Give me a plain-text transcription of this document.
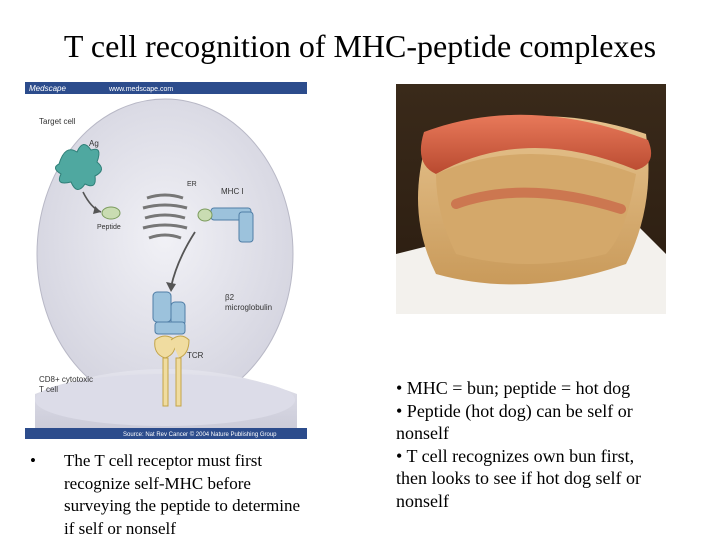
T cell recognition of MHC-peptide complexes
Medscape	www.medscape.com
Target cell
Ag
Peptide
ER
MHC I
β2
microglobulin
TCR
CD8+ cytotoxic
T cell
Source: Nat Rev Cancer © 2004 Nature Publishing Group
•	The T cell receptor must first
recognize self-MHC before
surveying the peptide to determine
if self or nonself
• MHC = bun; peptide = hot dog
• Peptide (hot dog) can be self or
nonself
• T cell recognizes own bun first,
then looks to see if hot dog self or
nonself
